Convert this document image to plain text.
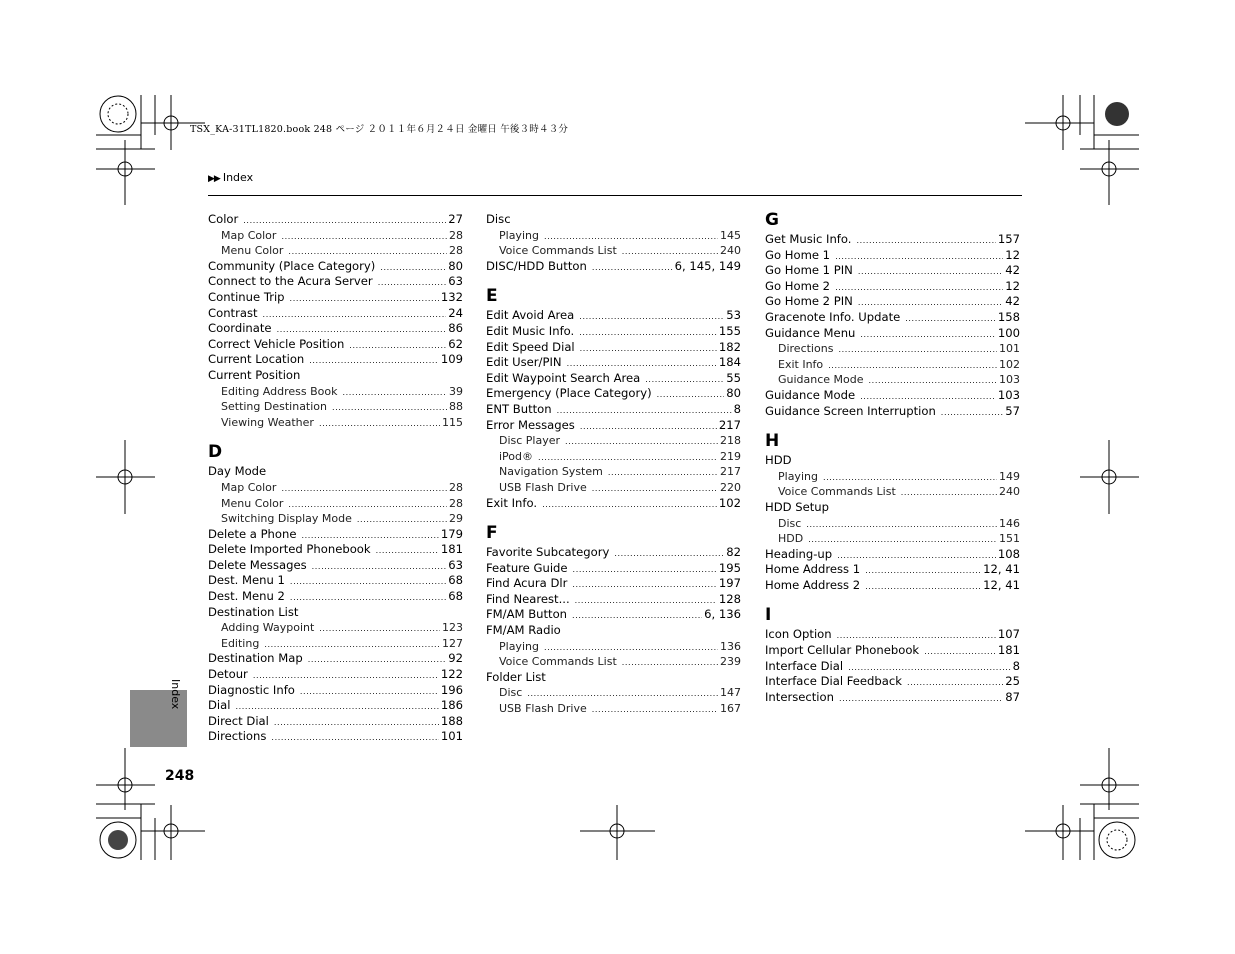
TSX_KA-31TL1820.book 248 ページ ２０１１年６月２４日 金曜日 午後３時４３分
▶▶ Index
Color .....	27
Map Color .....	28
Menu Color .....	28
Community (Place Category) .....	80
Connect to the Acura Server .....	63
Continue Trip .....	132
Contrast .....	24
Coordinate .....	86
Correct Vehicle Position .....	62
Current Location .....	109
Current Position
Editing Address Book .....	39
Setting Destination .....	88
Viewing Weather .....	115
D
Day Mode
Map Color .....	28
Menu Color .....	28
Switching Display Mode .....	29
Delete a Phone .....	179
Delete Imported Phonebook .....	181
Delete Messages .....	63
Dest. Menu 1 .....	68
Dest. Menu 2 .....	68
Destination List
Adding Waypoint .....	123
Editing .....	127
Destination Map .....	92
Detour .....	122
Diagnostic Info .....	196
Dial .....	186
Direct Dial .....	188
Directions .....	101
Disc
Playing .....	145
Voice Commands List .....	240
DISC/HDD Button .....	6, 145, 149
E
Edit Avoid Area .....	53
Edit Music Info. .....	155
Edit Speed Dial .....	182
Edit User/PIN .....	184
Edit Waypoint Search Area .....	55
Emergency (Place Category) .....	80
ENT Button .....	8
Error Messages .....	217
Disc Player .....	218
iPod® .....	219
Navigation System .....	217
USB Flash Drive .....	220
Exit Info. .....	102
F
Favorite Subcategory .....	82
Feature Guide .....	195
Find Acura Dlr .....	197
Find Nearest... .....	128
FM/AM Button .....	6, 136
FM/AM Radio
Playing .....	136
Voice Commands List .....	239
Folder List
Disc .....	147
USB Flash Drive .....	167
G
Get Music Info. .....	157
Go Home 1 .....	12
Go Home 1 PIN .....	42
Go Home 2 .....	12
Go Home 2 PIN .....	42
Gracenote Info. Update .....	158
Guidance Menu .....	100
Directions .....	101
Exit Info .....	102
Guidance Mode .....	103
Guidance Mode .....	103
Guidance Screen Interruption .....	57
H
HDD
Playing .....	149
Voice Commands List .....	240
HDD Setup
Disc .....	146
HDD .....	151
Heading-up .....	108
Home Address 1 .....	12, 41
Home Address 2 .....	12, 41
I
Icon Option .....	107
Import Cellular Phonebook .....	181
Interface Dial .....	8
Interface Dial Feedback .....	25
Intersection .....	87
Index
248
